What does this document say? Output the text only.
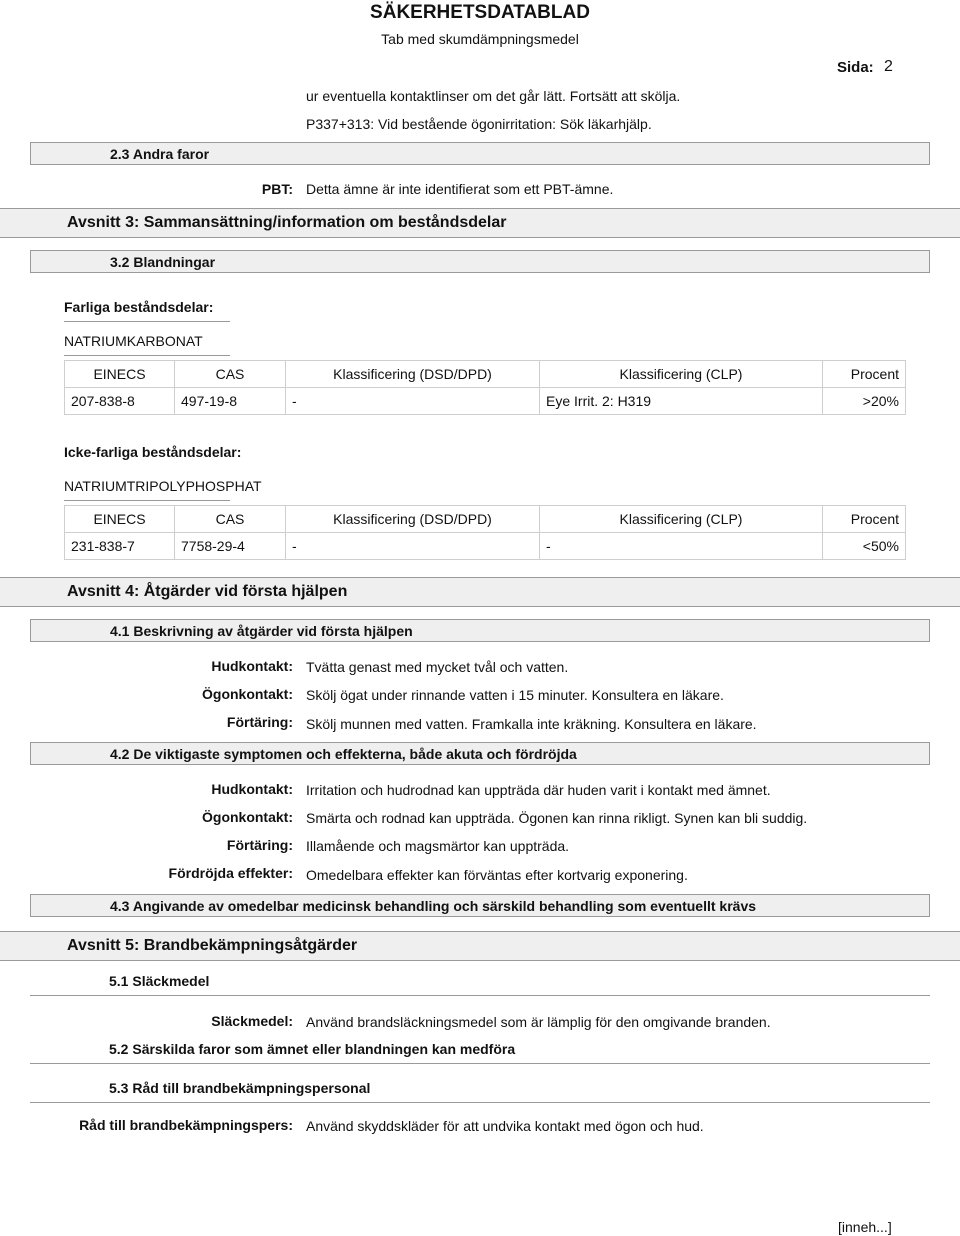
SÄKERHETSDATABLAD
Tab med skumdämpningsmedel
Sida: 2
ur eventuella kontaktlinser om det går lätt. Fortsätt att skölja.
P337+313: Vid bestående ögonirritation: Sök läkarhjälp.
2.3 Andra faror
PBT: Detta ämne är inte identifierat som ett PBT-ämne.
Avsnitt 3: Sammansättning/information om beståndsdelar
3.2 Blandningar
Farliga beståndsdelar:
NATRIUMKARBONAT
EINECS	CAS	Klassificering (DSD/DPD)	Klassificering (CLP)	Procent
207-838-8	497-19-8	-	Eye Irrit. 2: H319	>20%
Icke-farliga beståndsdelar:
NATRIUMTRIPOLYPHOSPHAT
EINECS	CAS	Klassificering (DSD/DPD)	Klassificering (CLP)	Procent
231-838-7	7758-29-4	-	-	<50%
Avsnitt 4: Åtgärder vid första hjälpen
4.1 Beskrivning av åtgärder vid första hjälpen
Hudkontakt: Tvätta genast med mycket tvål och vatten.
Ögonkontakt: Skölj ögat under rinnande vatten i 15 minuter. Konsultera en läkare.
Förtäring: Skölj munnen med vatten. Framkalla inte kräkning. Konsultera en läkare.
4.2 De viktigaste symptomen och effekterna, både akuta och fördröjda
Hudkontakt: Irritation och hudrodnad kan uppträda där huden varit i kontakt med ämnet.
Ögonkontakt: Smärta och rodnad kan uppträda. Ögonen kan rinna rikligt. Synen kan bli suddig.
Förtäring: Illamående och magsmärtor kan uppträda.
Fördröjda effekter: Omedelbara effekter kan förväntas efter kortvarig exponering.
4.3 Angivande av omedelbar medicinsk behandling och särskild behandling som eventuellt krävs
Avsnitt 5: Brandbekämpningsåtgärder
5.1 Släckmedel
Släckmedel: Använd brandsläckningsmedel som är lämplig för den omgivande branden.
5.2 Särskilda faror som ämnet eller blandningen kan medföra
5.3 Råd till brandbekämpningspersonal
Råd till brandbekämpningspers: Använd skyddskläder för att undvika kontakt med ögon och hud.
[inneh...]
